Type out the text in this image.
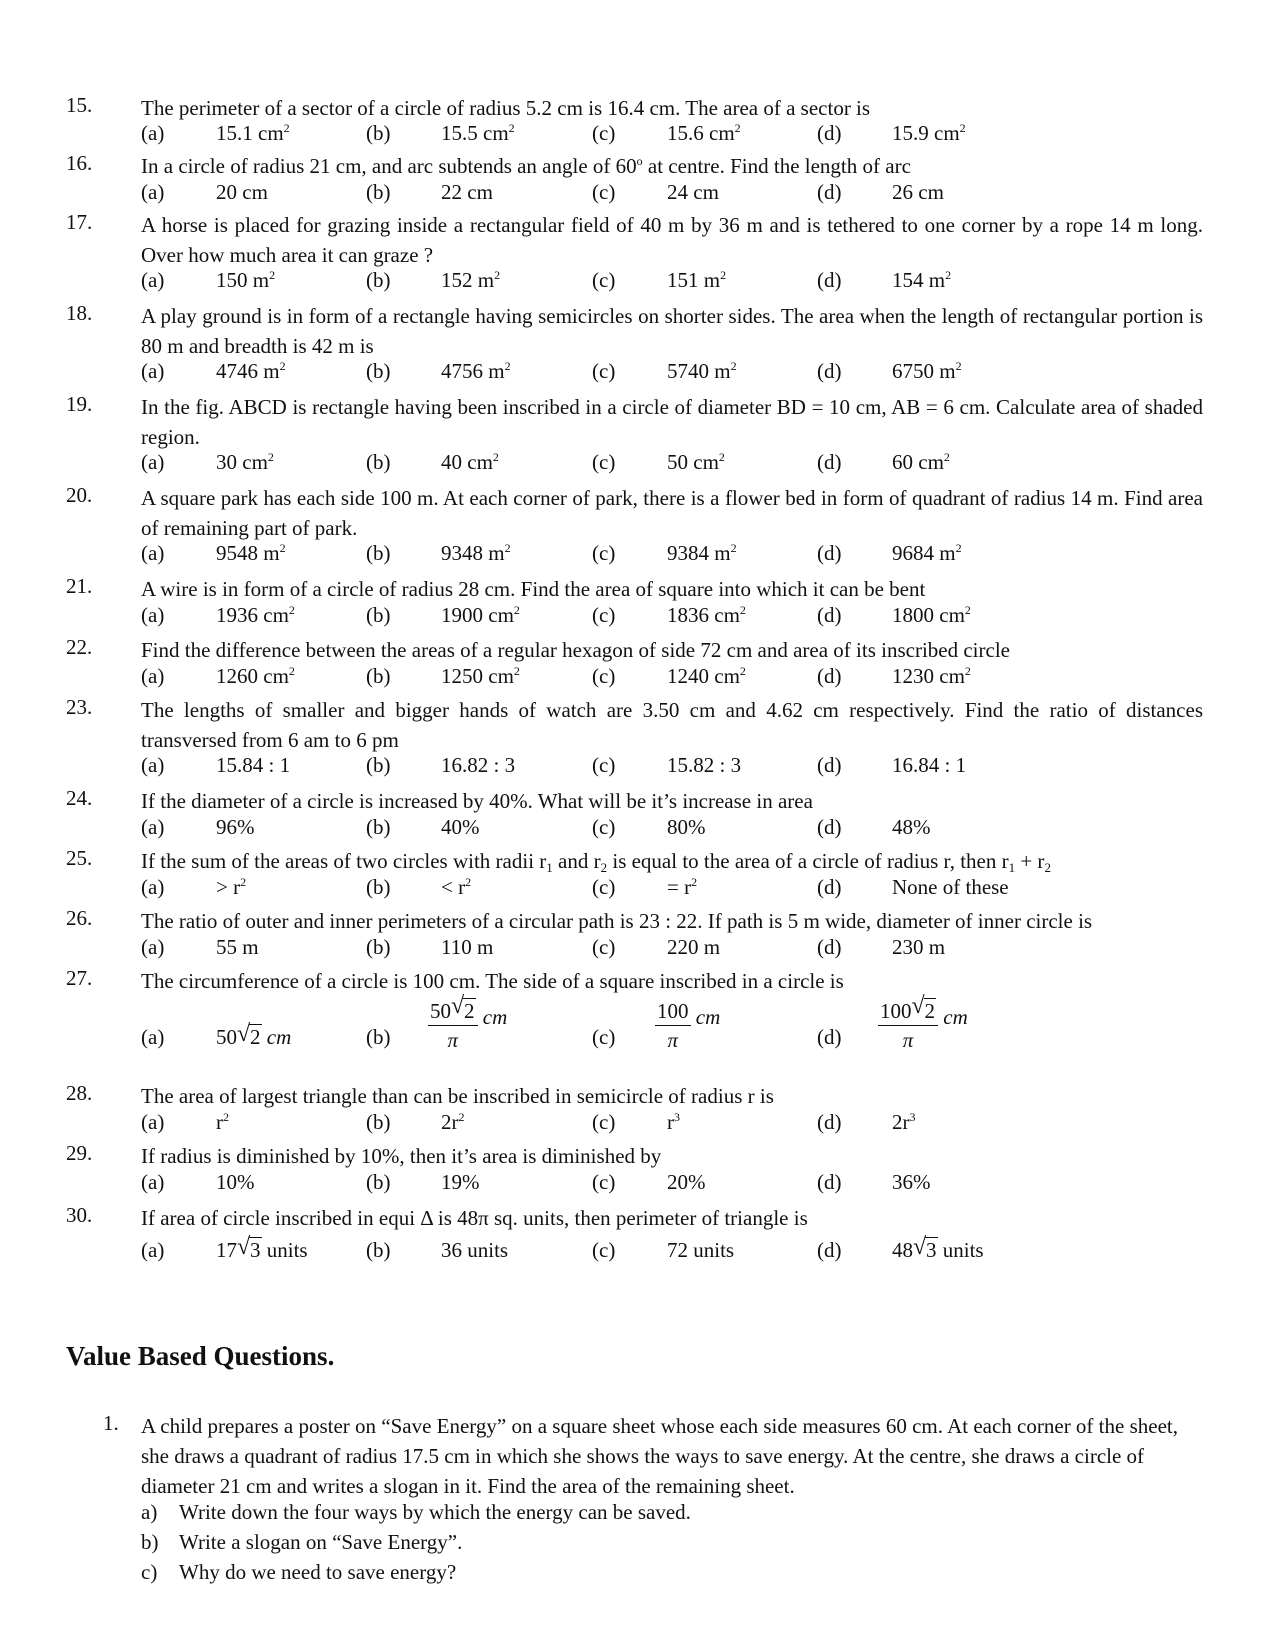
15. The perimeter of a sector of a circle of radius 5.2 cm is 16.4 cm. The area of a sector is
(a) 15.1 $cm^2$	(b) 15.5 $cm^2$	(c) 15.6 $cm^2$	(d) 15.9 $cm^2$
16. In a circle of radius 21 cm, and arc subtends an angle of 60$^o$ at centre. Find the length of arc
(a) 20 cm	(b) 22 cm	(c) 24 cm	(d) 26 cm
17. A horse is placed for grazing inside a rectangular field of 40 m by 36 m and is tethered to one corner by a rope 14 m long. Over how much area it can graze ?
(a) 150 $m^2$	(b) 152 $m^2$	(c) 151 $m^2$	(d) 154 $m^2$
18. A play ground is in form of a rectangle having semicircles on shorter sides. The area when the length of rectangular portion is 80 m and breadth is 42 m is
(a) 4746 $m^2$	(b) 4756 $m^2$	(c) 5740 $m^2$	(d) 6750 $m^2$
19. In the fig. ABCD is rectangle having been inscribed in a circle of diameter BD = 10 cm, AB = 6 cm. Calculate area of shaded region.
(a) 30 $cm^2$	(b) 40 $cm^2$	(c) 50 $cm^2$	(d) 60 $cm^2$
20. A square park has each side 100 m. At each corner of park, there is a flower bed in form of quadrant of radius 14 m. Find area of remaining part of park.
(a) 9548 $m^2$	(b) 9348 $m^2$	(c) 9384 $m^2$	(d) 9684 $m^2$
21. A wire is in form of a circle of radius 28 cm. Find the area of square into which it can be bent
(a) 1936 $cm^2$	(b) 1900 $cm^2$	(c) 1836 $cm^2$	(d) 1800 $cm^2$
22. Find the difference between the areas of a regular hexagon of side 72 cm and area of its inscribed circle
(a) 1260 $cm^2$	(b) 1250 $cm^2$	(c) 1240 $cm^2$	(d) 1230 $cm^2$
23. The lengths of smaller and bigger hands of watch are 3.50 cm and 4.62 cm respectively. Find the ratio of distances transversed from 6 am to 6 pm
(a) 15.84 : 1	(b) 16.82 : 3	(c) 15.82 : 3	(d) 16.84 : 1
24. If the diameter of a circle is increased by 40%. What will be it’s increase in area
(a) 96%	(b) 40%	(c) 80%	(d) 48%
25. If the sum of the areas of two circles with radii $r_1$ and $r_2$ is equal to the area of a circle of radius r, then $r_1 + r_2$
$(a) > r^2$	$(b) < r^2$	$(c) = r^2$	(d) None of these
26. The ratio of outer and inner perimeters of a circular path is 23 : 22. If path is 5 m wide, diameter of inner circle is
(a) 55 m	(b) 110 m	(c) 220 m	(d) 230 m
27. The circumference of a circle is 100 cm. The side of a square inscribed in a circle is
(a) 50 √ 2 cm	$(b) \frac{50 √ 2}{\pi}$ cm
$(c) \frac{100}{\pi}$ cm
$(d) \frac{100 √ 2}{\pi}$ cm
28. The area of largest triangle than can be inscribed in semicircle of radius r is
(a) $r^2$	(b) $2r^2$	(c) $r^3$	(d) $2r^3$
29. If radius is diminished by 10%, then it’s area is diminished by
(a) 10%	(b) 19%	(c) 20%	(d) 36%
30. If area of circle inscribed in equi Δ is 48π sq. units, then perimeter of triangle is
(a) 17 √ 3 units	(b) 36 units	(c) 72 units	(d) 48 √ 3 units
Value Based Questions.
1. A child prepares a poster on “Save Energy” on a square sheet whose each side measures 60 cm. At each corner of the sheet, she draws a quadrant of radius 17.5 cm in which she shows the ways to save energy. At the centre, she draws a circle of diameter 21 cm and writes a slogan in it. Find the area of the remaining sheet.
a) Write down the four ways by which the energy can be saved.
b) Write a slogan on “Save Energy”.
c) Why do we need to save energy?
